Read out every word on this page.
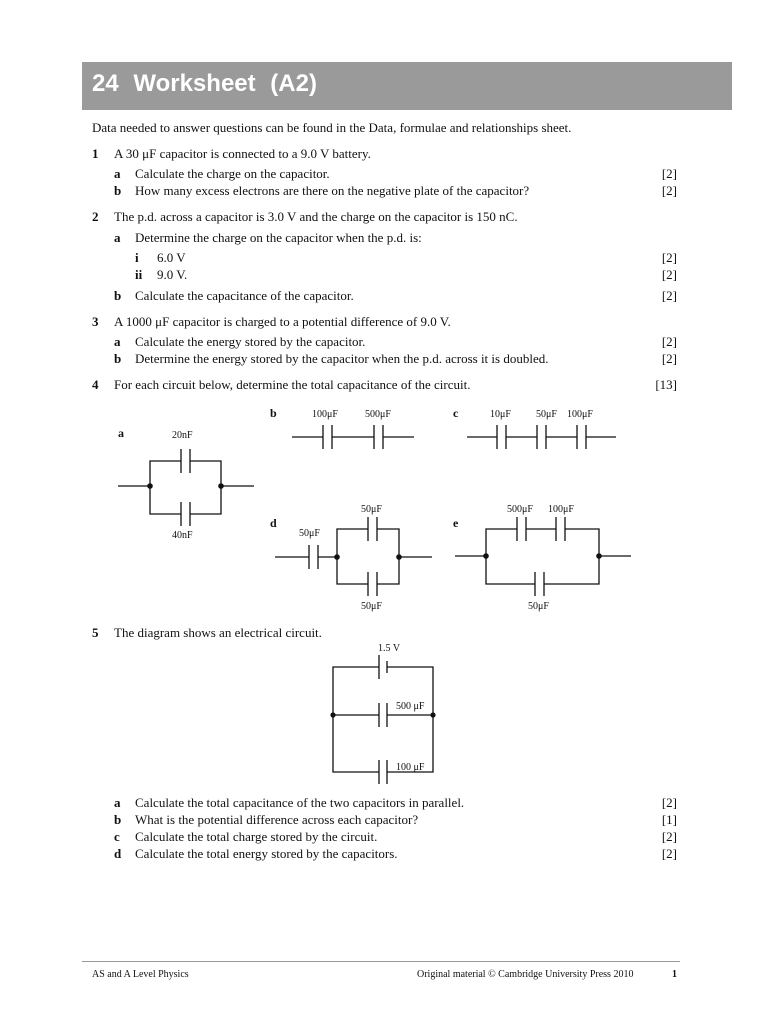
24 Worksheet (A2)
Data needed to answer questions can be found in the Data, formulae and relationships sheet.
1 A 30 μF capacitor is connected to a 9.0 V battery.
a Calculate the charge on the capacitor.	[2]
b How many excess electrons are there on the negative plate of the capacitor?	[2]
2 The p.d. across a capacitor is 3.0 V and the charge on the capacitor is 150 nC.
a Determine the charge on the capacitor when the p.d. is:
i 6.0 V	[2]
ii 9.0 V.	[2]
b Calculate the capacitance of the capacitor.	[2]
3 A 1000 μF capacitor is charged to a potential difference of 9.0 V.
a Calculate the energy stored by the capacitor.	[2]
b Determine the energy stored by the capacitor when the p.d. across it is doubled.	[2]
4 For each circuit below, determine the total capacitance of the circuit.	[13]
5 The diagram shows an electrical circuit.
a Calculate the total capacitance of the two capacitors in parallel.	[2]
b What is the potential difference across each capacitor?	[1]
c Calculate the total charge stored by the circuit.	[2]
d Calculate the total energy stored by the capacitors.	[2]
a	20nF
40nF
b	100μF	500μF	c	10μF	50μF 100μF
d
50μF
50μF
50μF
e
500μF 100μF
50μF
1.5 V
500 μF
100 μF
AS and A Level Physics	Original material © Cambridge University Press 2010	1
